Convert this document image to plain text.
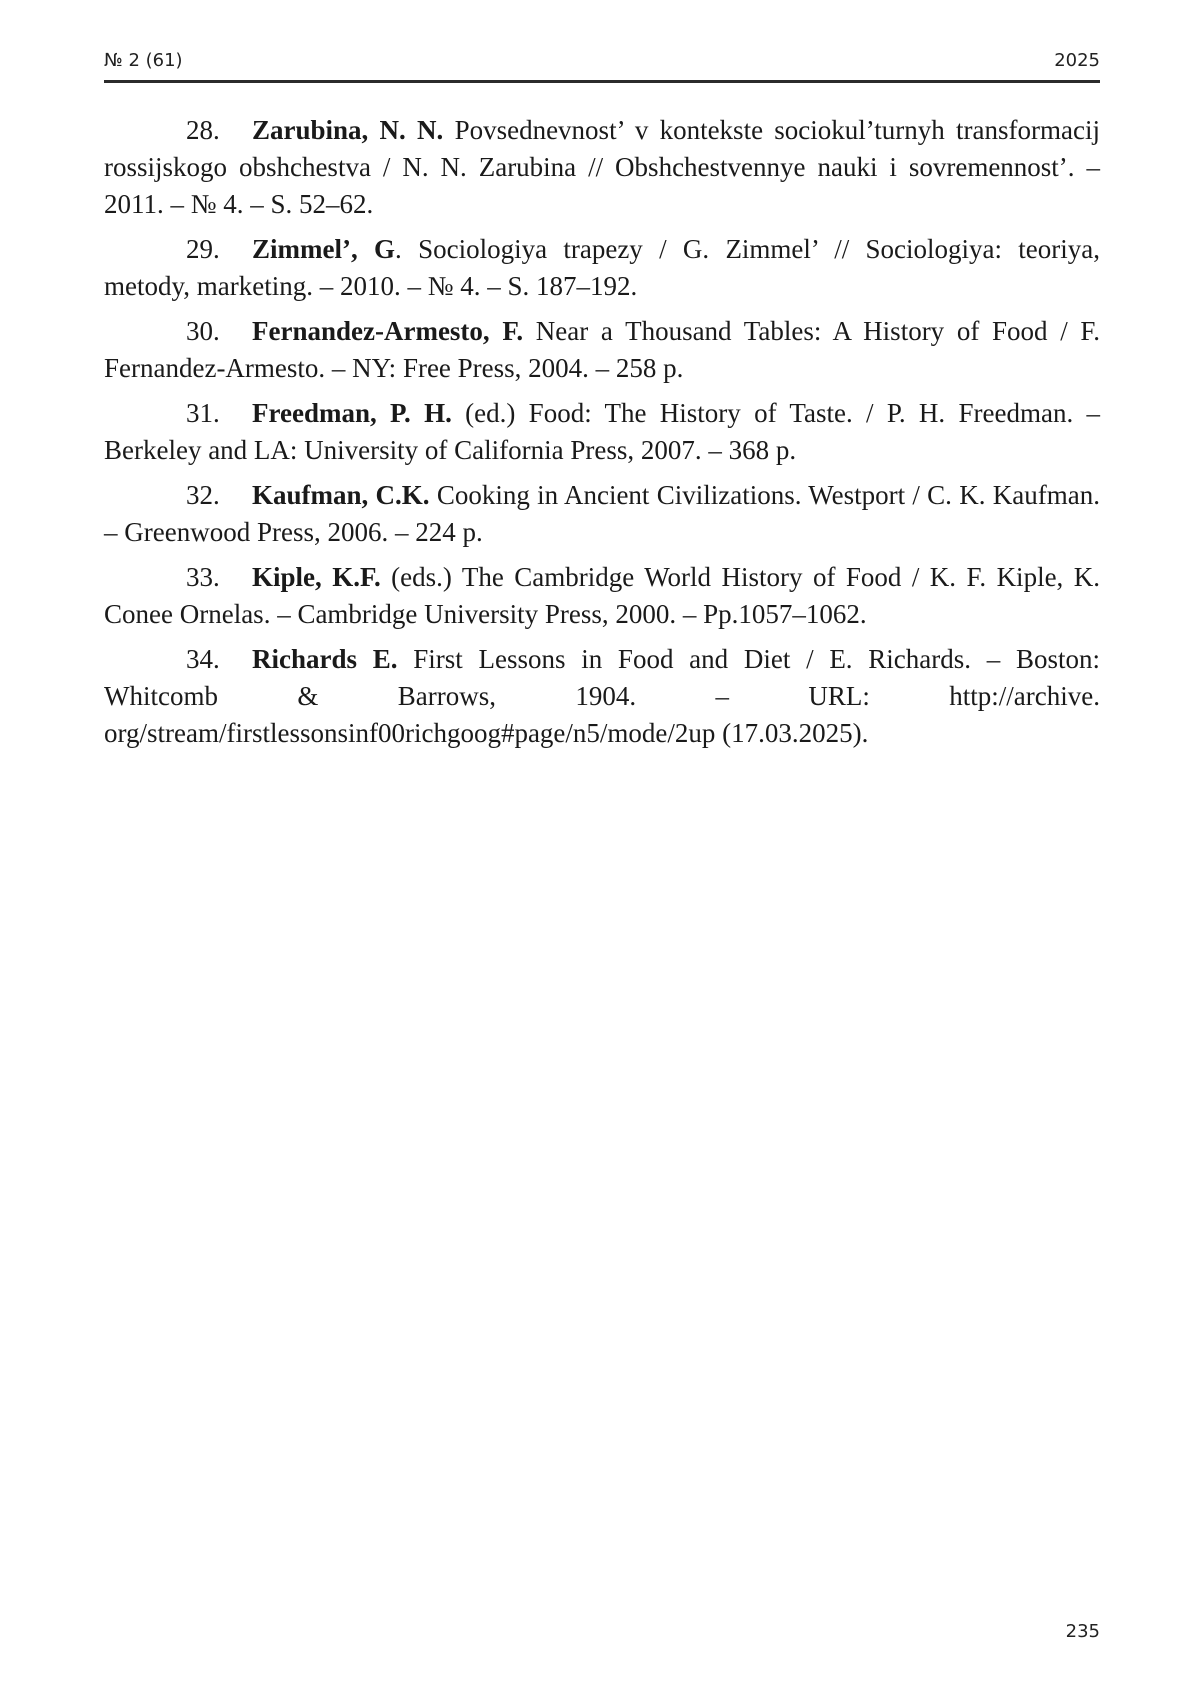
№ 2 (61)	2025

28. Zarubina, N. N. Povsednevnost’ v kontekste sociokul’turnyh transformacij rossijskogo obshchestva / N. N. Zarubina // Obshchestvennye nauki i sovremennost’. – 2011. – № 4. – S. 52–62.

29. Zimmel’, G. Sociologiya trapezy / G. Zimmel’ // Sociologiya: teoriya, metody, marketing. – 2010. – № 4. – S. 187–192.

30. Fernandez-Armesto, F. Near a Thousand Tables: A History of Food / F. Fernandez-Armesto. – NY: Free Press, 2004. – 258 p.

31. Freedman, P. H. (ed.) Food: The History of Taste. / P. H. Freedman. – Berkeley and LA: University of California Press, 2007. – 368 p.

32. Kaufman, C.K. Cooking in Ancient Civilizations. Westport / C. K. Kaufman. – Greenwood Press, 2006. – 224 p.

33. Kiple, K.F. (eds.) The Cambridge World History of Food / K. F. Kiple, K. Conee Ornelas. – Cambridge University Press, 2000. – Pp.1057–1062.

34. Richards E. First Lessons in Food and Diet / E. Richards. – Boston: Whitcomb & Barrows, 1904. – URL: http://archive. org/stream/firstlessonsinf00richgoog#page/n5/mode/2up (17.03.2025).

235
